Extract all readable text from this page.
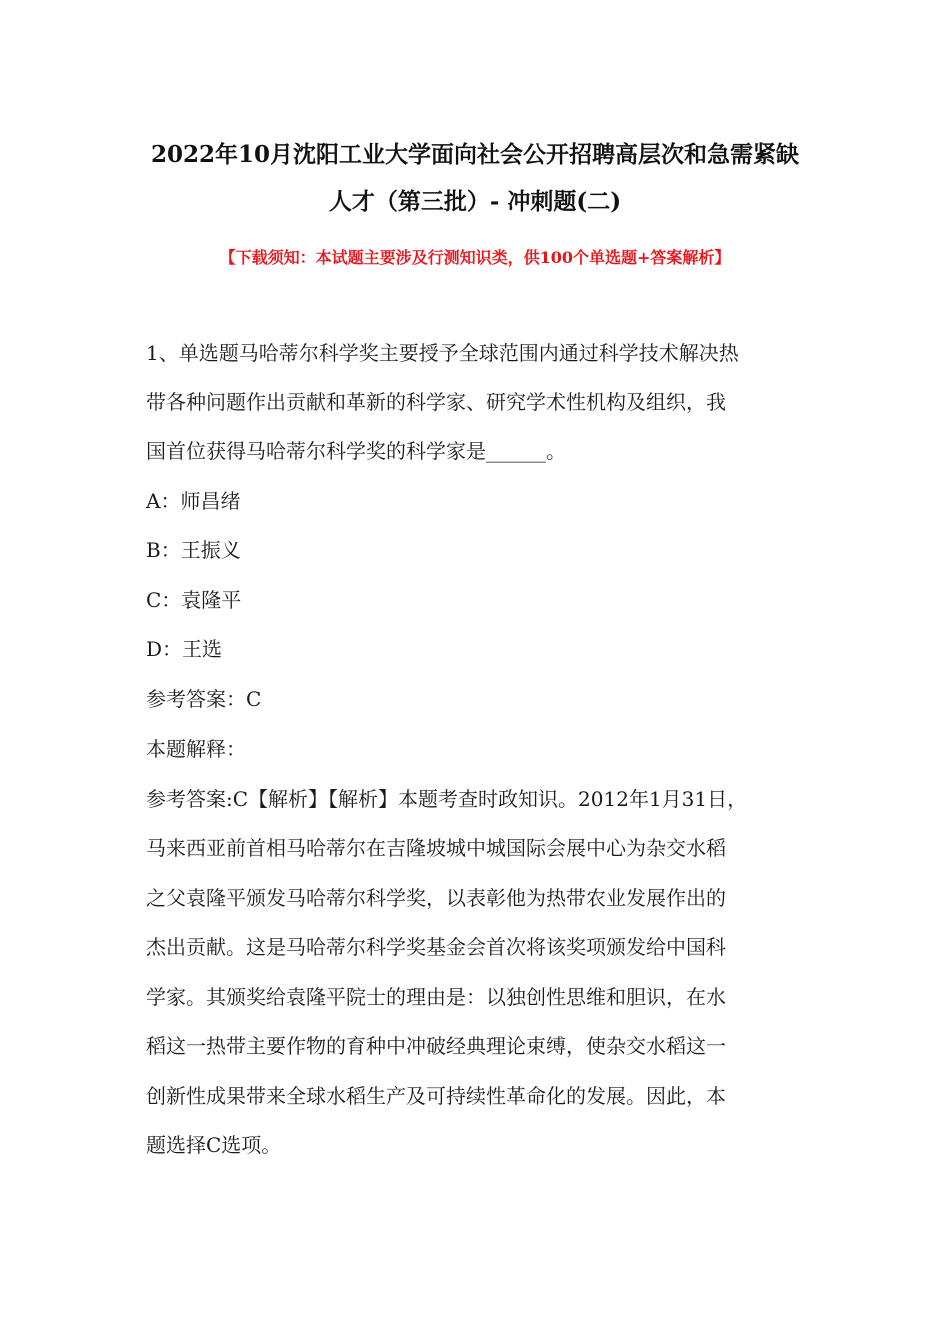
2022年10月沈阳工业大学面向社会公开招聘高层次和急需紧缺
人才（第三批）- 冲刺题(二)
【下载须知：本试题主要涉及行测知识类，供100个单选题+答案解析】
1、单选题马哈蒂尔科学奖主要授予全球范围内通过科学技术解决热
带各种问题作出贡献和革新的科学家、研究学术性机构及组织，我
国首位获得马哈蒂尔科学奖的科学家是______。
A：师昌绪
B：王振义
C：袁隆平
D：王选
参考答案：C
本题解释：
参考答案:C【解析】【解析】本题考查时政知识。2012年1月31日，
马来西亚前首相马哈蒂尔在吉隆坡城中城国际会展中心为杂交水稻
之父袁隆平颁发马哈蒂尔科学奖，以表彰他为热带农业发展作出的
杰出贡献。这是马哈蒂尔科学奖基金会首次将该奖项颁发给中国科
学家。其颁奖给袁隆平院士的理由是：以独创性思维和胆识，在水
稻这一热带主要作物的育种中冲破经典理论束缚，使杂交水稻这一
创新性成果带来全球水稻生产及可持续性革命化的发展。因此，本
题选择C选项。
